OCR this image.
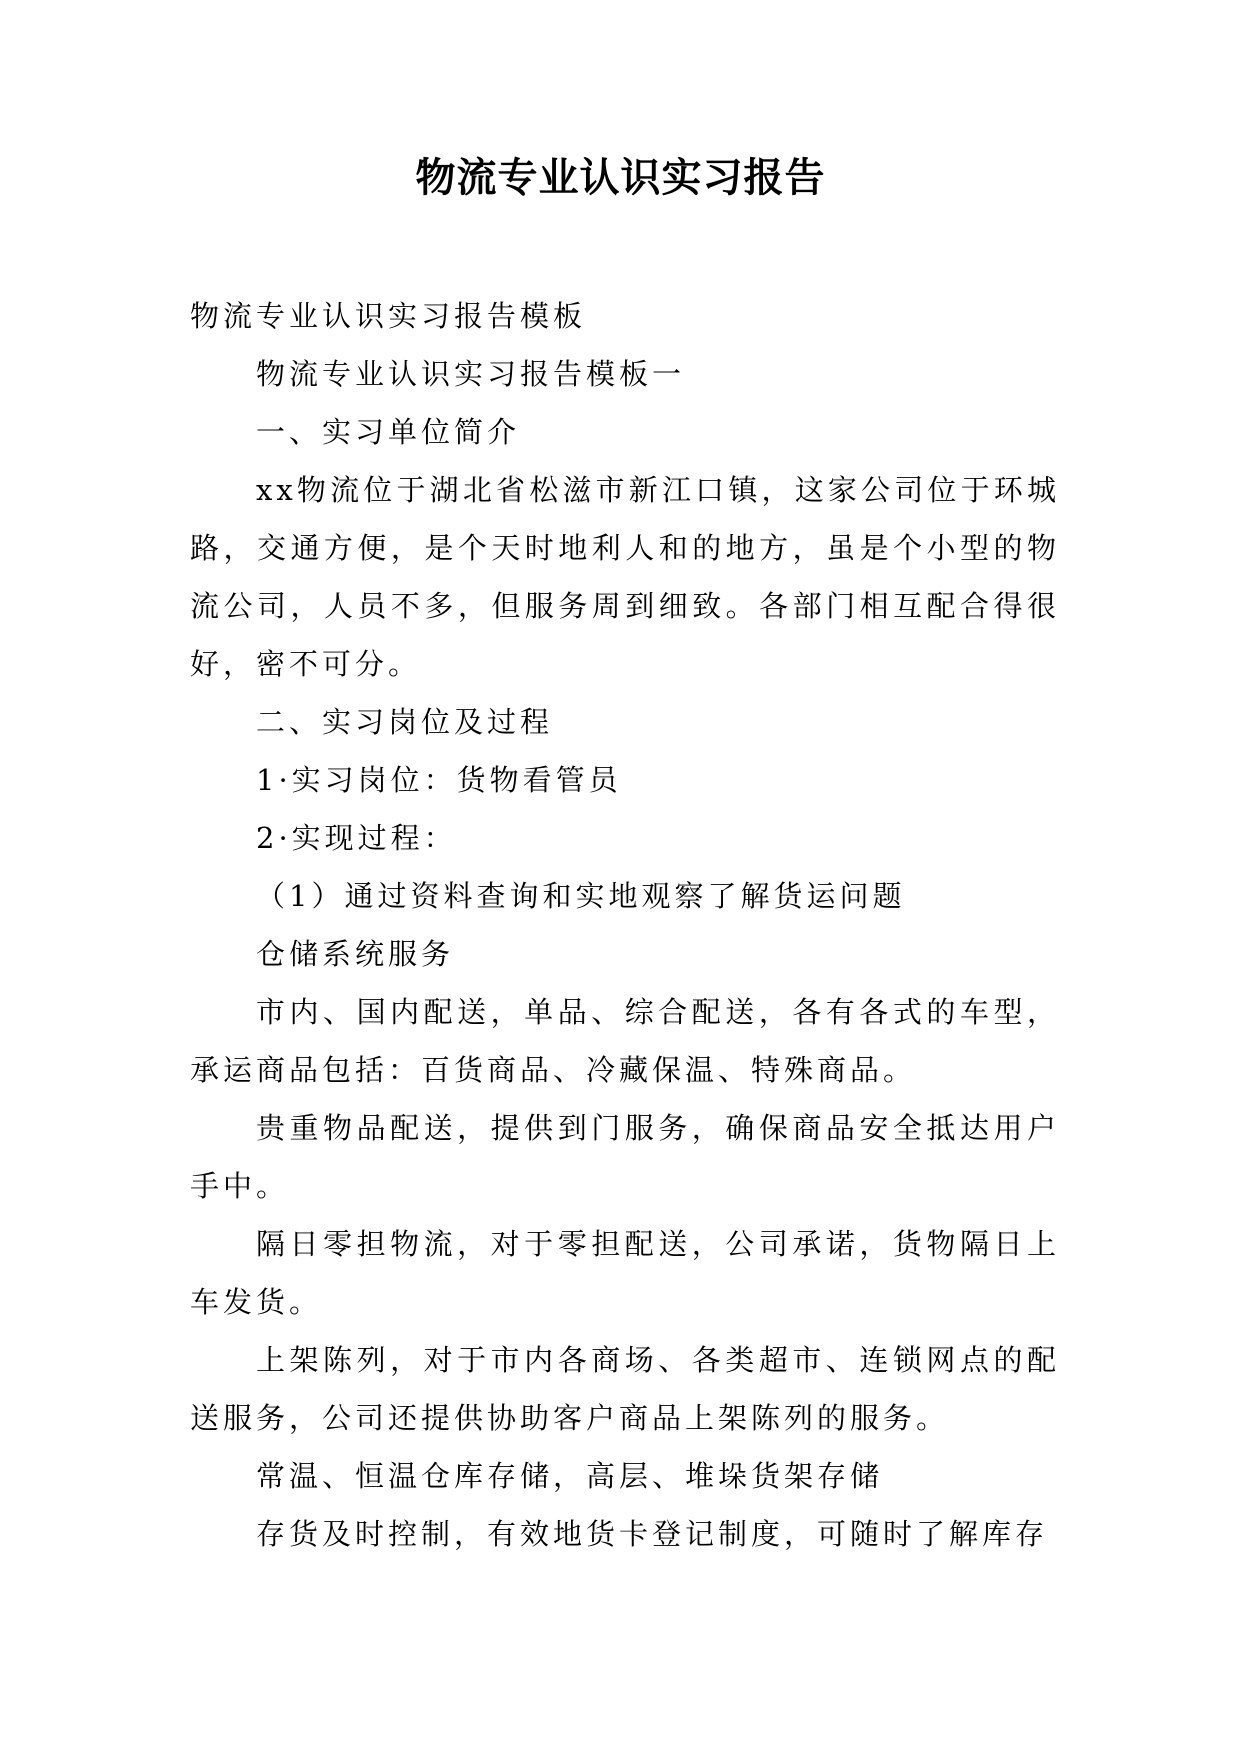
物流专业认识实习报告

物流专业认识实习报告模板

物流专业认识实习报告模板一

一、实习单位简介

xx物流位于湖北省松滋市新江口镇，这家公司位于环城路，交通方便，是个天时地利人和的地方，虽是个小型的物流公司，人员不多，但服务周到细致。各部门相互配合得很好，密不可分。

二、实习岗位及过程

1·实习岗位：货物看管员

2·实现过程：

（1）通过资料查询和实地观察了解货运问题

仓储系统服务

市内、国内配送，单品、综合配送，各有各式的车型，承运商品包括：百货商品、冷藏保温、特殊商品。

贵重物品配送，提供到门服务，确保商品安全抵达用户手中。

隔日零担物流，对于零担配送，公司承诺，货物隔日上车发货。

上架陈列，对于市内各商场、各类超市、连锁网点的配送服务，公司还提供协助客户商品上架陈列的服务。

常温、恒温仓库存储，高层、堆垛货架存储

存货及时控制，有效地货卡登记制度，可随时了解库存
